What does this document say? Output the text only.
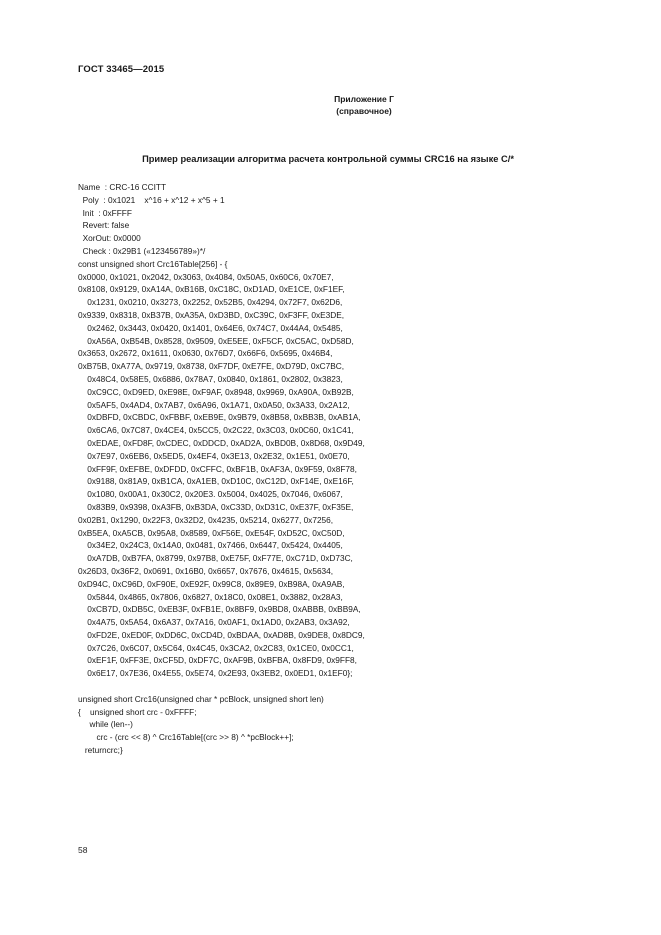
ГОСТ 33465—2015
Приложение Г
(справочное)
Пример реализации алгоритма расчета контрольной суммы CRC16 на языке С/*
Name  : CRC-16 CCITT
Poly  : 0x1021    x^16 + x^12 + x^5 + 1
Init  : 0xFFFF
Revert: false
XorOut: 0x0000
Check : 0x29B1 («123456789»)*/
const unsigned short Crc16Table[256] - {
0x0000, 0x1021, 0x2042, 0x3063, 0x4084, 0x50A5, 0x60C6, 0x70E7,
0x8108, 0x9129, 0xA14A, 0xB16B, 0xC18C, 0xD1AD, 0xE1CE, 0xF1EF,
0x1231, 0x0210, 0x3273, 0x2252, 0x52B5, 0x4294, 0x72F7, 0x62D6,
0x9339, 0x8318, 0xB37B, 0xA35A, 0xD3BD, 0xC39C, 0xF3FF, 0xE3DE,
0x2462, 0x3443, 0x0420, 0x1401, 0x64E6, 0x74C7, 0x44A4, 0x5485,
0xA56A, 0xB54B, 0x8528, 0x9509, 0xE5EE, 0xF5CF, 0xC5AC, 0xD58D,
0x3653, 0x2672, 0x1611, 0x0630, 0x76D7, 0x66F6, 0x5695, 0x46B4,
0xB75B, 0xA77A, 0x9719, 0x8738, 0xF7DF, 0xE7FE, 0xD79D, 0xC7BC,
0x48C4, 0x58E5, 0x6886, 0x78A7, 0x0840, 0x1861, 0x2802, 0x3823,
0xC9CC, 0xD9ED, 0xE98E, 0xF9AF, 0x8948, 0x9969, 0xA90A, 0xB92B,
0x5AF5, 0x4AD4, 0x7AB7, 0x6A96, 0x1A71, 0x0A50, 0x3A33, 0x2A12,
0xDBFD, 0xCBDC, 0xFBBF, 0xEB9E, 0x9B79, 0x8B58, 0xBB3B, 0xAB1A,
0x6CA6, 0x7C87, 0x4CE4, 0x5CC5, 0x2C22, 0x3C03, 0x0C60, 0x1C41,
0xEDAE, 0xFD8F, 0xCDEC, 0xDDCD, 0xAD2A, 0xBD0B, 0x8D68, 0x9D49,
0x7E97, 0x6EB6, 0x5ED5, 0x4EF4, 0x3E13, 0x2E32, 0x1E51, 0x0E70,
0xFF9F, 0xEFBE, 0xDFDD, 0xCFFC, 0xBF1B, 0xAF3A, 0x9F59, 0x8F78,
0x9188, 0x81A9, 0xB1CA, 0xA1EB, 0xD10C, 0xC12D, 0xF14E, 0xE16F,
0x1080, 0x00A1, 0x30C2, 0x20E3. 0x5004, 0x4025, 0x7046, 0x6067,
0x83B9, 0x9398, 0xA3FB, 0xB3DA, 0xC33D, 0xD31C, 0xE37F, 0xF35E,
0x02B1, 0x1290, 0x22F3, 0x32D2, 0x4235, 0x5214, 0x6277, 0x7256,
0xB5EA, 0xA5CB, 0x95A8, 0x8589, 0xF56E, 0xE54F, 0xD52C, 0xC50D,
0x34E2, 0x24C3, 0x14A0, 0x0481, 0x7466, 0x6447, 0x5424, 0x4405,
0xA7DB, 0xB7FA, 0x8799, 0x97B8, 0xE75F, 0xF77E, 0xC71D, 0xD73C,
0x26D3, 0x36F2, 0x0691, 0x16B0, 0x6657, 0x7676, 0x4615, 0x5634,
0xD94C, 0xC96D, 0xF90E, 0xE92F, 0x99C8, 0x89E9, 0xB98A, 0xA9AB,
0x5844, 0x4865, 0x7806, 0x6827, 0x18C0, 0x08E1, 0x3882, 0x28A3,
0xCB7D, 0xDB5C, 0xEB3F, 0xFB1E, 0x8BF9, 0x9BD8, 0xABBB, 0xBB9A,
0x4A75, 0x5A54, 0x6A37, 0x7A16, 0x0AF1, 0x1AD0, 0x2AB3, 0x3A92,
0xFD2E, 0xED0F, 0xDD6C, 0xCD4D, 0xBDAA, 0xAD8B, 0x9DE8, 0x8DC9,
0x7C26, 0x6C07, 0x5C64, 0x4C45, 0x3CA2, 0x2C83, 0x1CE0, 0x0CC1,
0xEF1F, 0xFF3E, 0xCF5D, 0xDF7C, 0xAF9B, 0xBFBA, 0x8FD9, 0x9FF8,
0x6E17, 0x7E36, 0x4E55, 0x5E74, 0x2E93, 0x3EB2, 0x0ED1, 0x1EF0};
unsigned short Crc16(unsigned char * pcBlock, unsigned short len)
{    unsigned short crc - 0xFFFF;
while (len--)
crc - (crc << 8) ^ Crc16Table[(crc >> 8) ^ *pcBlock++];
returncrc;}
58
